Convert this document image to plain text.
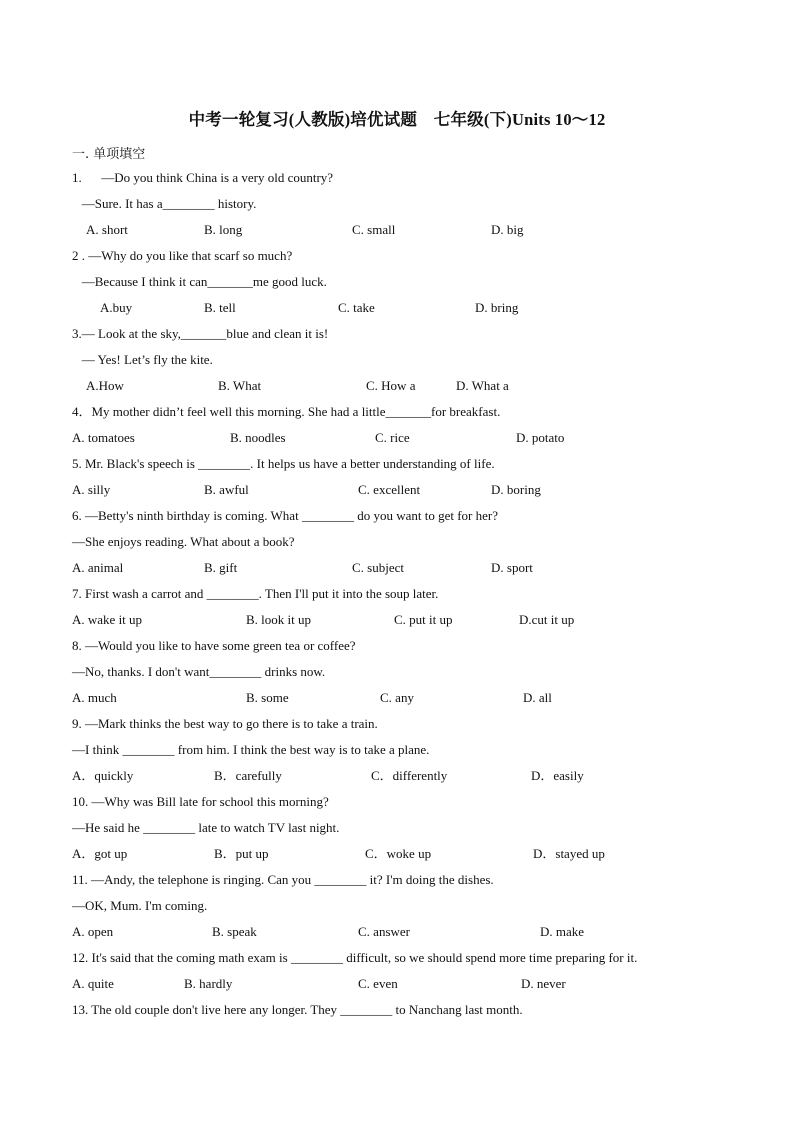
中考一轮复习(人教版)培优试题　七年级(下)Units 10～12
一. 单项填空
1.      —Do you think China is a very old country?
—Sure. It has a________ history.
A. short	B. long	C. small	D. big
2 . —Why do you like that scarf so much?
—Because I think it can_______me good luck.
A.buy	B. tell	C. take	D. bring
3.— Look at the sky,_______blue and clean it is!
— Yes! Let’s fly the kite.
A.How	B. What	C. How a	D. What a
4．My mother didn’t feel well this morning. She had a little_______for breakfast.
A. tomatoes	B. noodles	C. rice	D. potato
5. Mr. Black's speech is ________. It helps us have a better understanding of life.
A. silly	B. awful	C. excellent	D. boring
6. —Betty's ninth birthday is coming. What ________ do you want to get for her?
—She enjoys reading. What about a book?
A. animal	B. gift	C. subject	D. sport
7. First wash a carrot and ________. Then I'll put it into the soup later.
A. wake it up	B. look it up	C. put it up	D.cut it up
8. —Would you like to have some green tea or coffee?
—No, thanks. I don't want________ drinks now.
A. much	B. some	C. any	D. all
9. —Mark thinks the best way to go there is to take a train.
—I think ________ from him. I think the best way is to take a plane.
A．quickly	B．carefully	C．differently	D．easily
10. —Why was Bill late for school this morning?
—He said he ________ late to watch TV last night.
A．got up	B．put up	C．woke up	D．stayed up
11. —Andy, the telephone is ringing. Can you ________ it? I'm doing the dishes.
—OK, Mum. I'm coming.
A. open	B. speak	C. answer	D. make
12. It's said that the coming math exam is ________ difficult, so we should spend more time preparing for it.
A. quite	B. hardly	C. even	D. never
13. The old couple don't live here any longer. They ________ to Nanchang last month.
